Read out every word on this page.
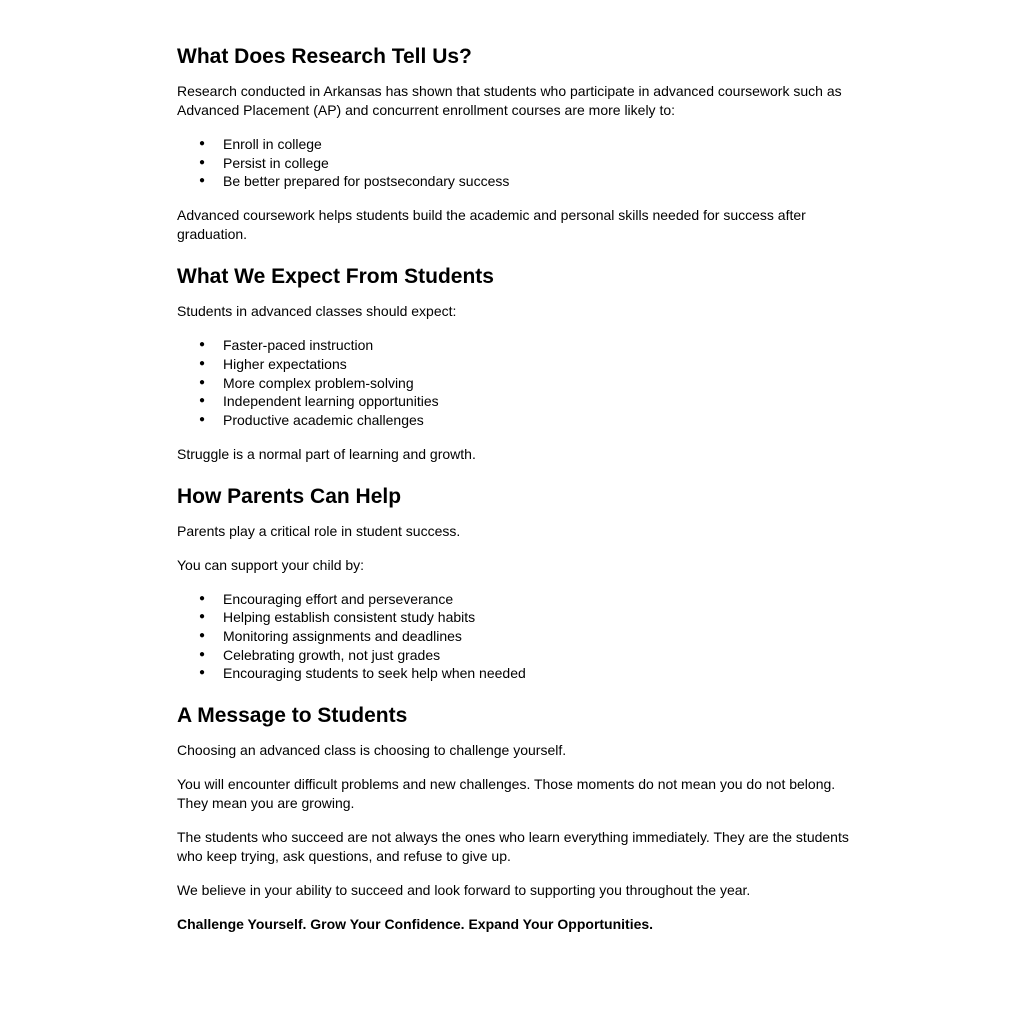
What Does Research Tell Us?

Research conducted in Arkansas has shown that students who participate in advanced coursework such as Advanced Placement (AP) and concurrent enrollment courses are more likely to:

● Enroll in college
● Persist in college
● Be better prepared for postsecondary success

Advanced coursework helps students build the academic and personal skills needed for success after graduation.

What We Expect From Students

Students in advanced classes should expect:

● Faster-paced instruction
● Higher expectations
● More complex problem-solving
● Independent learning opportunities
● Productive academic challenges

Struggle is a normal part of learning and growth.

How Parents Can Help

Parents play a critical role in student success.

You can support your child by:

● Encouraging effort and perseverance
● Helping establish consistent study habits
● Monitoring assignments and deadlines
● Celebrating growth, not just grades
● Encouraging students to seek help when needed
A Message to Students

Choosing an advanced class is choosing to challenge yourself.

You will encounter difficult problems and new challenges. Those moments do not mean you do not belong. They mean you are growing.

The students who succeed are not always the ones who learn everything immediately. They are the students who keep trying, ask questions, and refuse to give up.

We believe in your ability to succeed and look forward to supporting you throughout the year.

Challenge Yourself. Grow Your Confidence. Expand Your Opportunities.
